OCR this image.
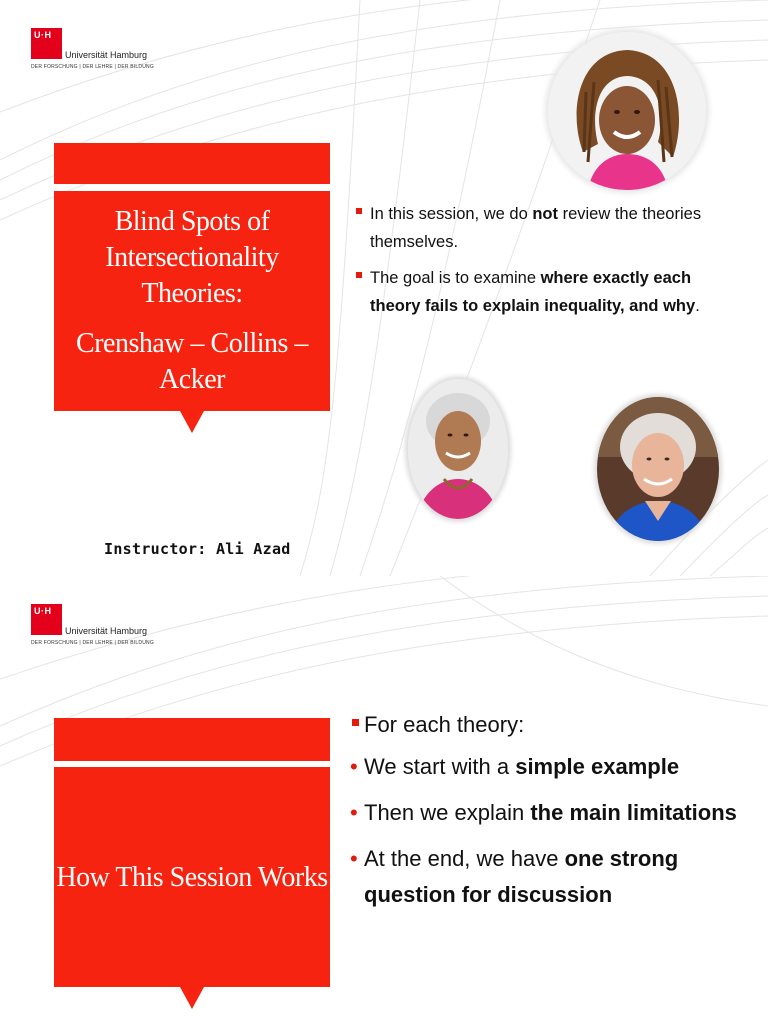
U·H
Universität Hamburg
DER FORSCHUNG | DER LEHRE | DER BILDUNG
Blind Spots of Intersectionality Theories:
Crenshaw – Collins – Acker
In this session, we do not review the theories themselves.
The goal is to examine where exactly each theory fails to explain inequality, and why.
Instructor: Ali Azad
U·H
Universität Hamburg
DER FORSCHUNG | DER LEHRE | DER BILDUNG
How This Session Works
For each theory:
• We start with a simple example
• Then we explain the main limitations
• At the end, we have one strong question for discussion
